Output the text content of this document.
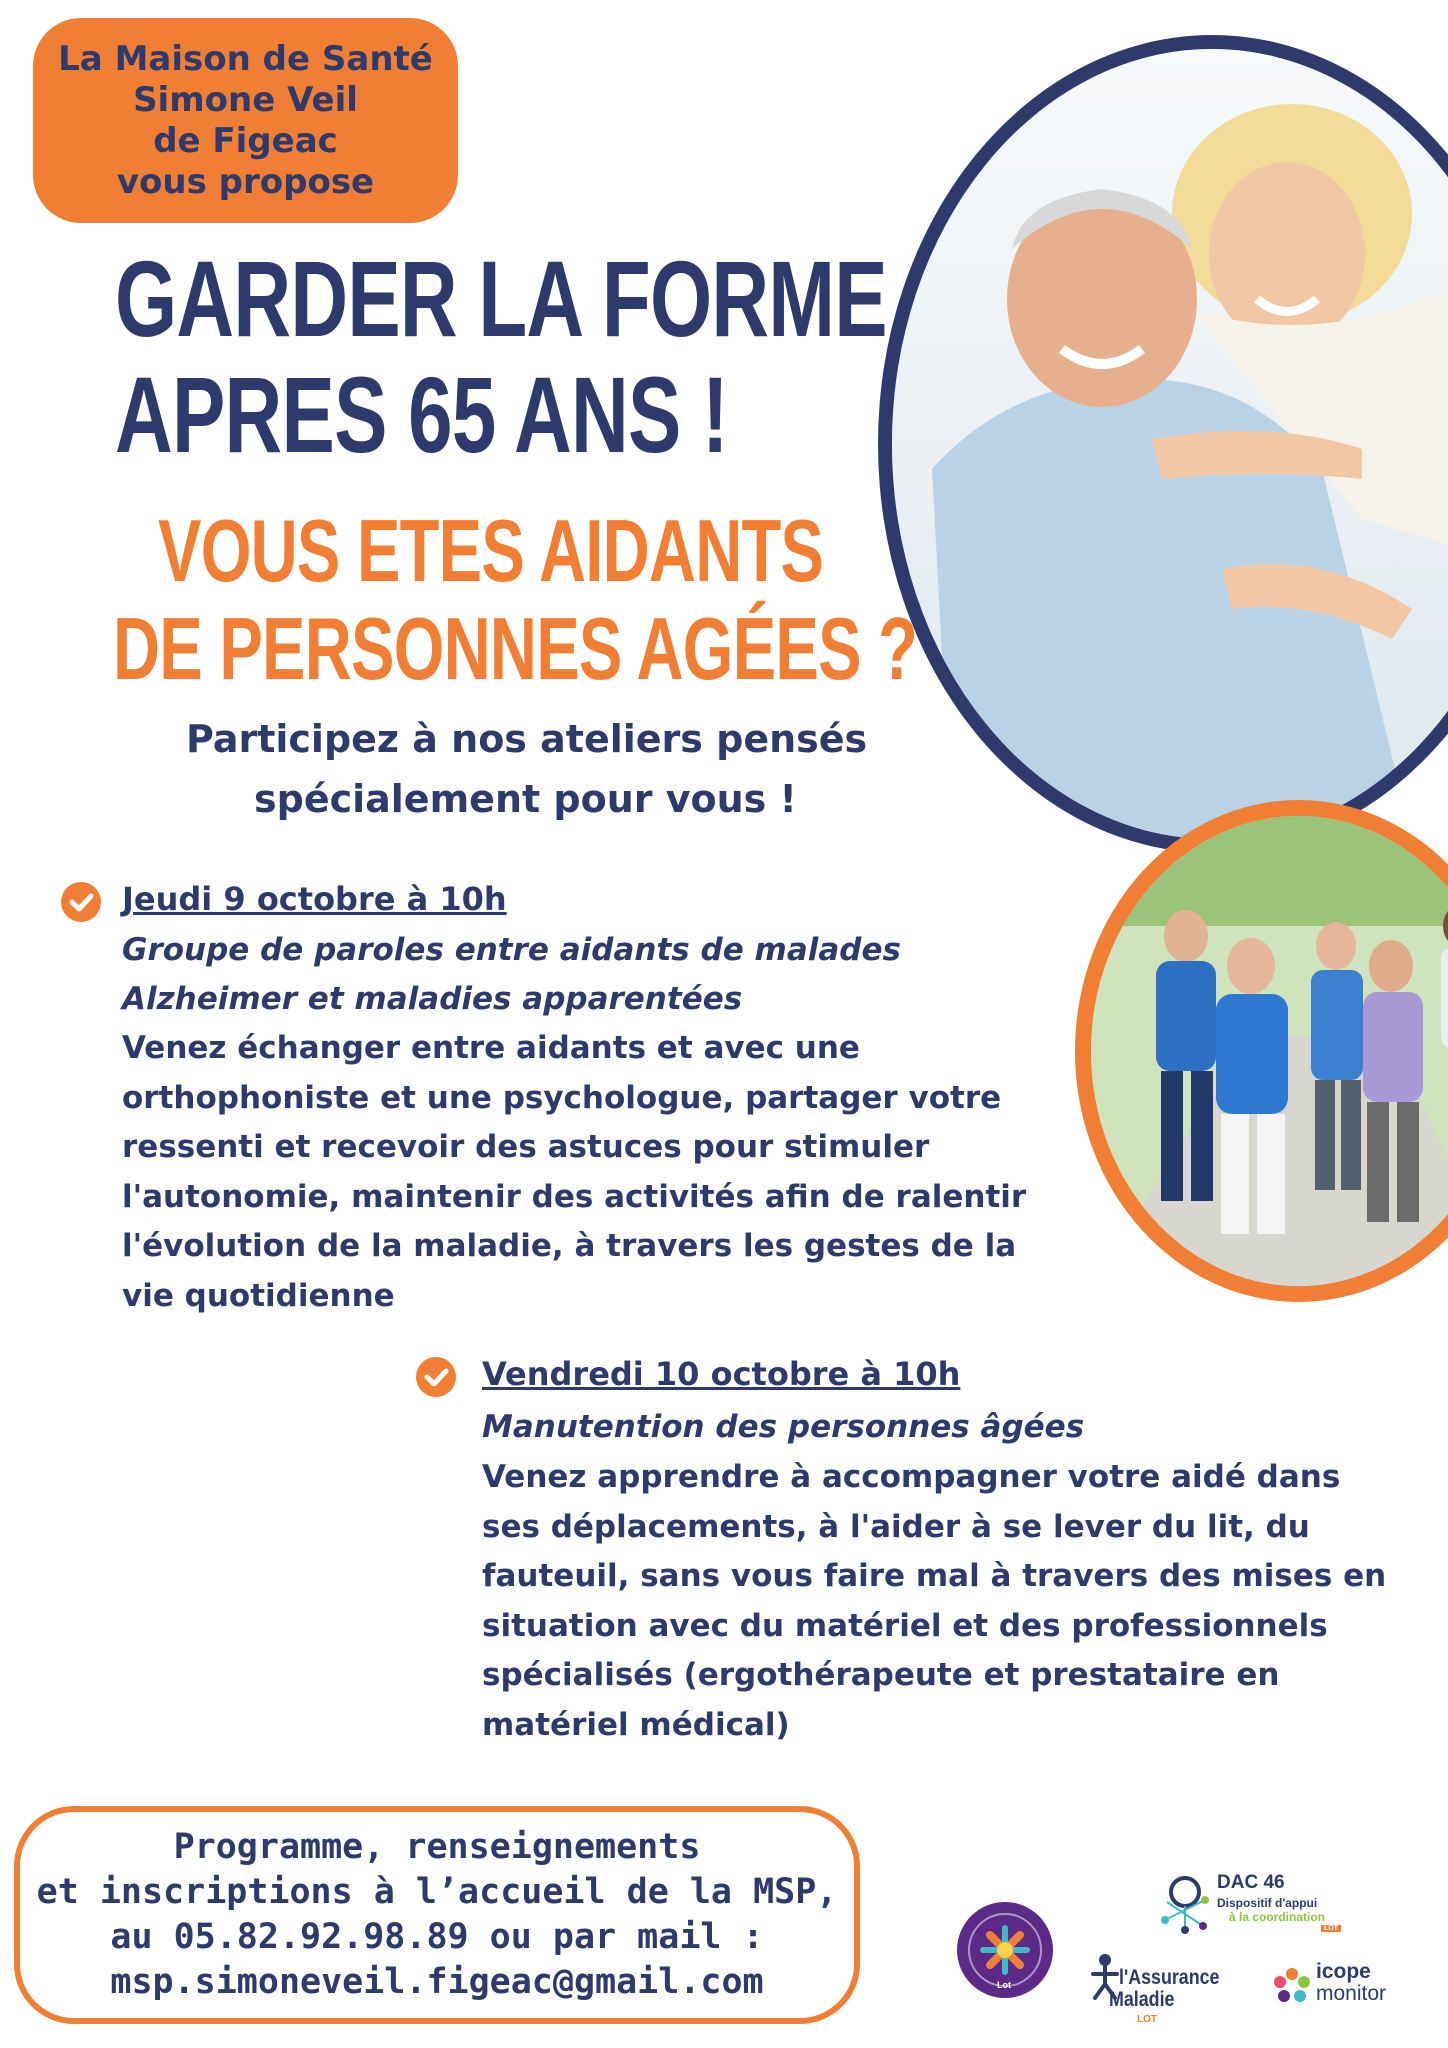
La Maison de Santé
Simone Veil
de Figeac
vous propose
GARDER LA FORME
APRES 65 ANS !
VOUS ETES AIDANTS
DE PERSONNES AGÉES ?
Participez à nos ateliers pensés
spécialement pour vous !
Jeudi 9 octobre à 10h
Groupe de paroles entre aidants de malades
Alzheimer et maladies apparentées
Venez échanger entre aidants et avec une
orthophoniste et une psychologue, partager votre
ressenti et recevoir des astuces pour stimuler
l'autonomie, maintenir des activités afin de ralentir
l'évolution de la maladie, à travers les gestes de la
vie quotidienne
Vendredi 10 octobre à 10h
Manutention des personnes âgées
Venez apprendre à accompagner votre aidé dans
ses déplacements, à l'aider à se lever du lit, du
fauteuil, sans vous faire mal à travers des mises en
situation avec du matériel et des professionnels
spécialisés (ergothérapeute et prestataire en
matériel médical)
Programme, renseignements
et inscriptions à l’accueil de la MSP,
au 05.82.92.98.89 ou par mail :
msp.simoneveil.figeac@gmail.com	Lot
DAC 46
Dispositif d'appui
à la coordination
LOT
l'Assurance
Maladie
LOT
icope
monitor
